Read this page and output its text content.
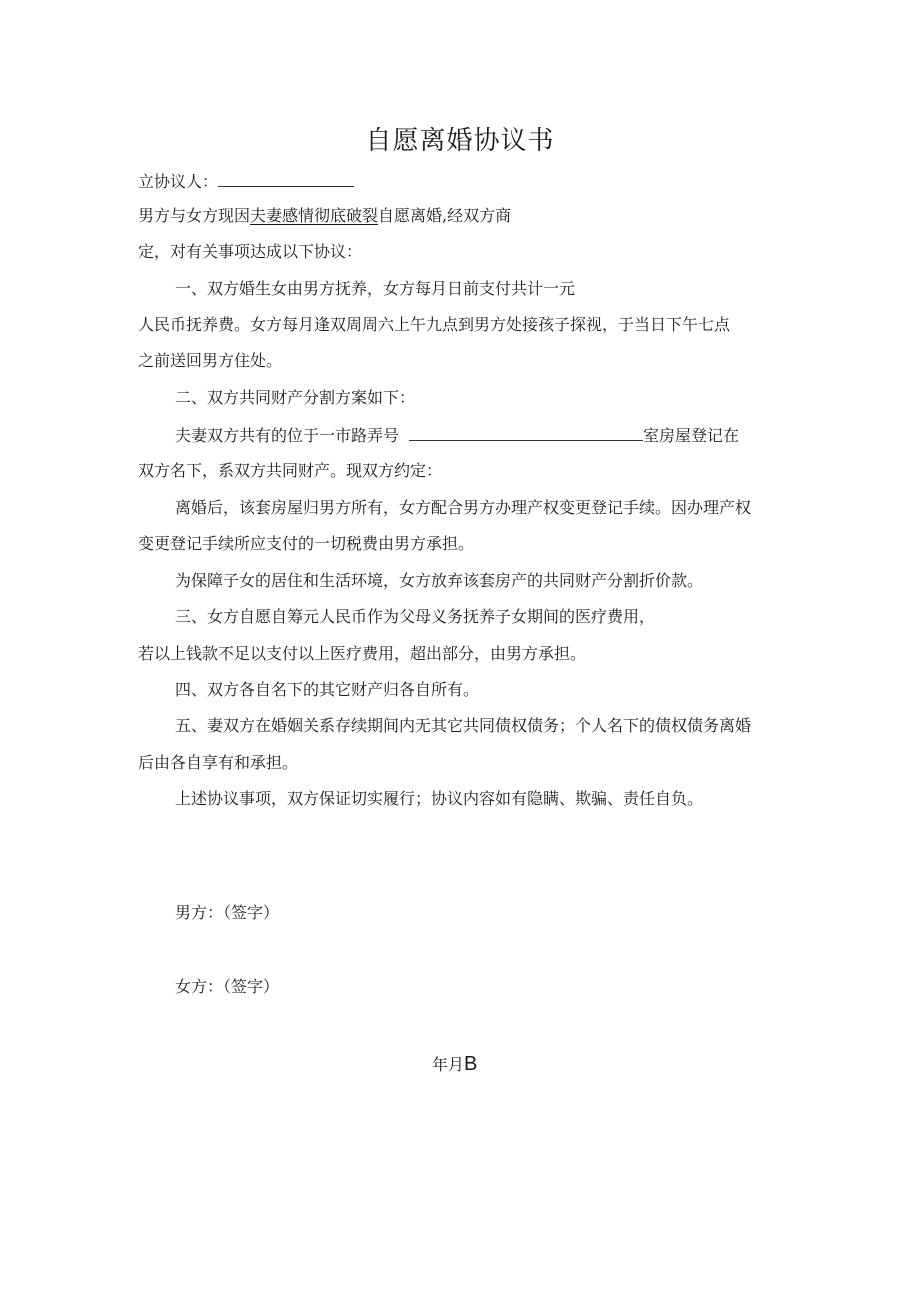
自愿离婚协议书

立协议人：

男方与女方现因夫妻感情彻底破裂自愿离婚,经双方商

定，对有关事项达成以下协议：

一、双方婚生女由男方抚养，女方每月日前支付共计一元

人民币抚养费。女方每月逢双周周六上午九点到男方处接孩子探视，于当日下午七点

之前送回男方住处。

二、双方共同财产分割方案如下：

夫妻双方共有的位于一市路弄号	室房屋登记在

双方名下，系双方共同财产。现双方约定：

离婚后，该套房屋归男方所有，女方配合男方办理产权变更登记手续。因办理产权

变更登记手续所应支付的一切税费由男方承担。

为保障子女的居住和生活环境，女方放弃该套房产的共同财产分割折价款。

三、女方自愿自筹元人民币作为父母义务抚养子女期间的医疗费用，

若以上钱款不足以支付以上医疗费用，超出部分，由男方承担。

四、双方各自名下的其它财产归各自所有。

五、妻双方在婚姻关系存续期间内无其它共同债权债务；个人名下的债权债务离婚

后由各自享有和承担。

上述协议事项，双方保证切实履行；协议内容如有隐瞒、欺骗、责任自负。

男方：（签字）

女方：（签字）

年月B
